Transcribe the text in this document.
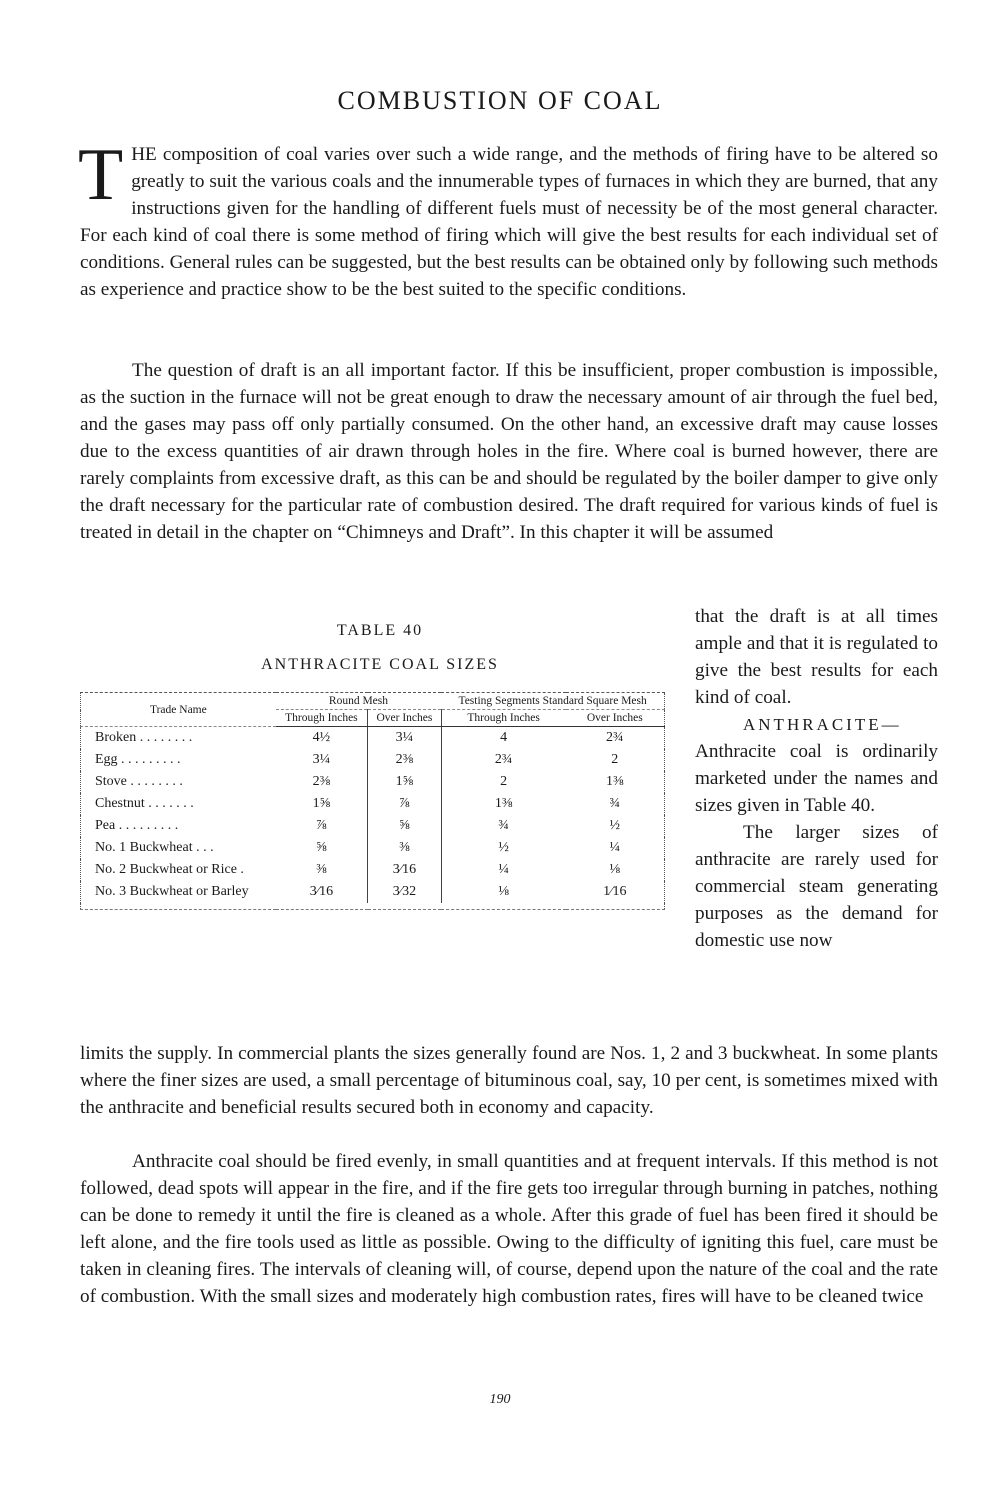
COMBUSTION OF COAL

THE composition of coal varies over such a wide range, and the methods of firing have to be altered so greatly to suit the various coals and the innumerable types of furnaces in which they are burned, that any instructions given for the handling of different fuels must of necessity be of the most general character. For each kind of coal there is some method of firing which will give the best results for each individual set of conditions. General rules can be suggested, but the best results can be obtained only by following such methods as experience and practice show to be the best suited to the specific conditions.

The question of draft is an all important factor. If this be insufficient, proper combustion is impossible, as the suction in the furnace will not be great enough to draw the necessary amount of air through the fuel bed, and the gases may pass off only partially consumed. On the other hand, an excessive draft may cause losses due to the excess quantities of air drawn through holes in the fire. Where coal is burned however, there are rarely complaints from excessive draft, as this can be and should be regulated by the boiler damper to give only the draft necessary for the particular rate of combustion desired. The draft required for various kinds of fuel is treated in detail in the chapter on “Chimneys and Draft”. In this chapter it will be assumed

TABLE 40
ANTHRACITE COAL SIZES
Trade Name	Round Mesh		Testing Segments Standard Square Mesh	
	Through Inches	Over Inches	Through Inches	Over Inches
Broken . . . . . . . .	4½	3¼	4	2¾
Egg . . . . . . . . .	3¼	2⅜	2¾	2
Stove . . . . . . . .	2⅜	1⅝	2	1⅜
Chestnut . . . . . . .	1⅝	⅞	1⅜	¾
Pea . . . . . . . . .	⅞	⅝	¾	½
No. 1 Buckwheat . . .	⅝	⅜	½	¼
No. 2 Buckwheat or Rice .	⅜	3⁄16	¼	⅛
No. 3 Buckwheat or Barley	3⁄16	3⁄32	⅛	1⁄16

that the draft is at all times ample and that it is regulated to give the best results for each kind of coal.

ANTHRACITE— Anthracite coal is ordinarily marketed under the names and sizes given in Table 40.

The larger sizes of anthracite are rarely used for commercial steam generating purposes as the demand for domestic use now

limits the supply. In commercial plants the sizes generally found are Nos. 1, 2 and 3 buckwheat. In some plants where the finer sizes are used, a small percentage of bituminous coal, say, 10 per cent, is sometimes mixed with the anthracite and beneficial results secured both in economy and capacity.

Anthracite coal should be fired evenly, in small quantities and at frequent intervals. If this method is not followed, dead spots will appear in the fire, and if the fire gets too irregular through burning in patches, nothing can be done to remedy it until the fire is cleaned as a whole. After this grade of fuel has been fired it should be left alone, and the fire tools used as little as possible. Owing to the difficulty of igniting this fuel, care must be taken in cleaning fires. The intervals of cleaning will, of course, depend upon the nature of the coal and the rate of combustion. With the small sizes and moderately high combustion rates, fires will have to be cleaned twice

190
